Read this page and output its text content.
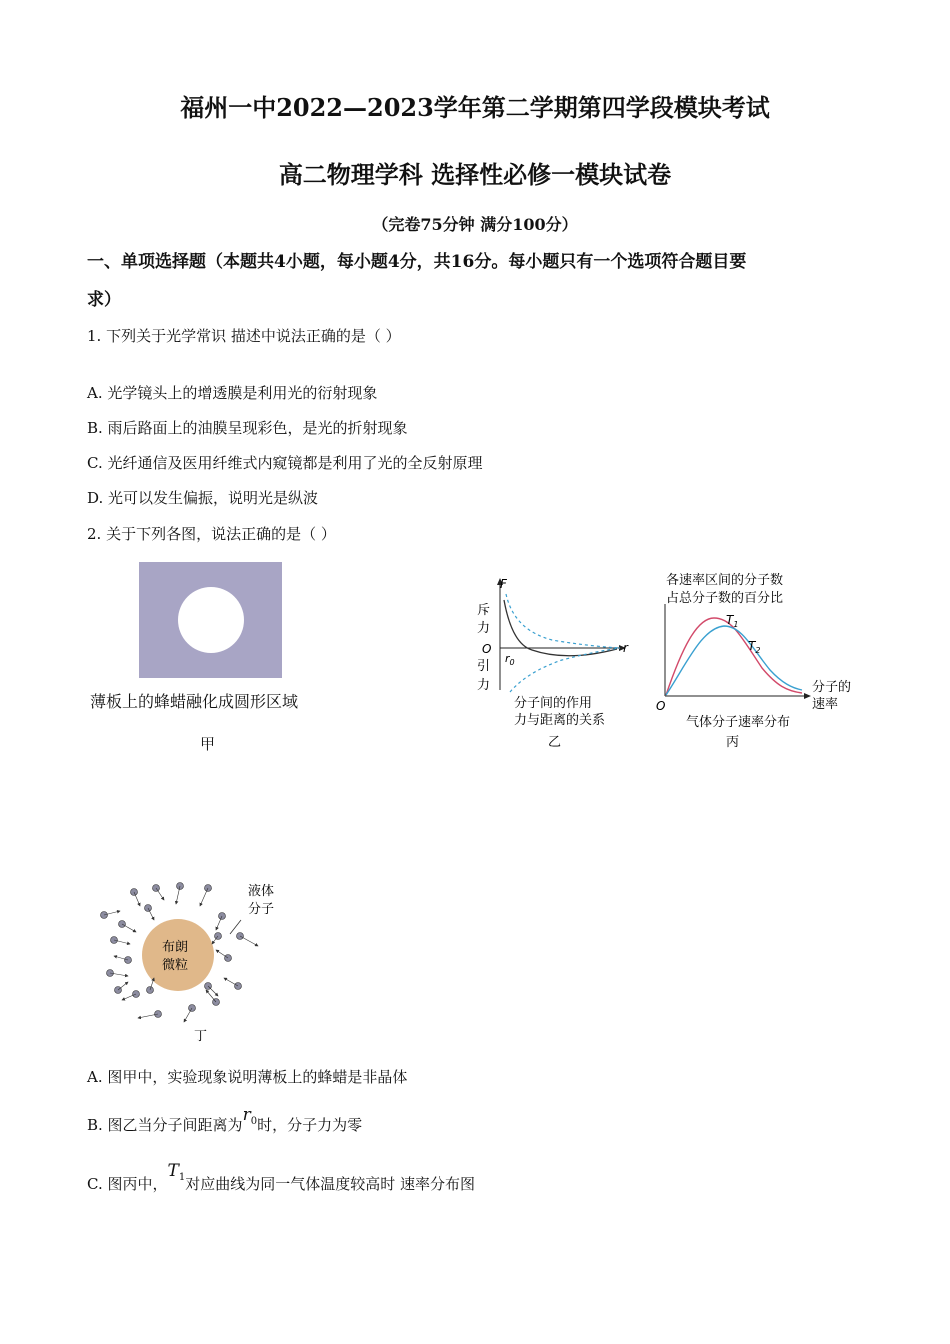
福州一中2022—2023学年第二学期第四学段模块考试
高二物理学科 选择性必修一模块试卷
（完卷75分钟 满分100分）
一、单项选择题（本题共4小题，每小题4分，共16分。每小题只有一个选项符合题目要
求）
1. 下列关于光学常识 描述中说法正确的是（ ）
A. 光学镜头上的增透膜是利用光的衍射现象
B. 雨后路面上的油膜呈现彩色，是光的折射现象
C. 光纤通信及医用纤维式内窥镜都是利用了光的全反射原理
D. 光可以发生偏振，说明光是纵波
2. 关于下列各图，说法正确的是（ ）
薄板上的蜂蜡融化成圆形区域
甲
F
r
O
斥
力
引
力
$r_0$
分子间的作用
力与距离的关系
乙
各速率区间的分子数
占总分子数的百分比
O
分子的
速率
$T_1$
$T_2$
气体分子速率分布
丙
布朗
微粒
液体
分子
丁
A. 图甲中，实验现象说明薄板上的蜂蜡是非晶体
B. 图乙当分子间距离为$r_0$时，分子力为零
C. 图丙中，$T_1$对应曲线为同一气体温度较高时 速率分布图
